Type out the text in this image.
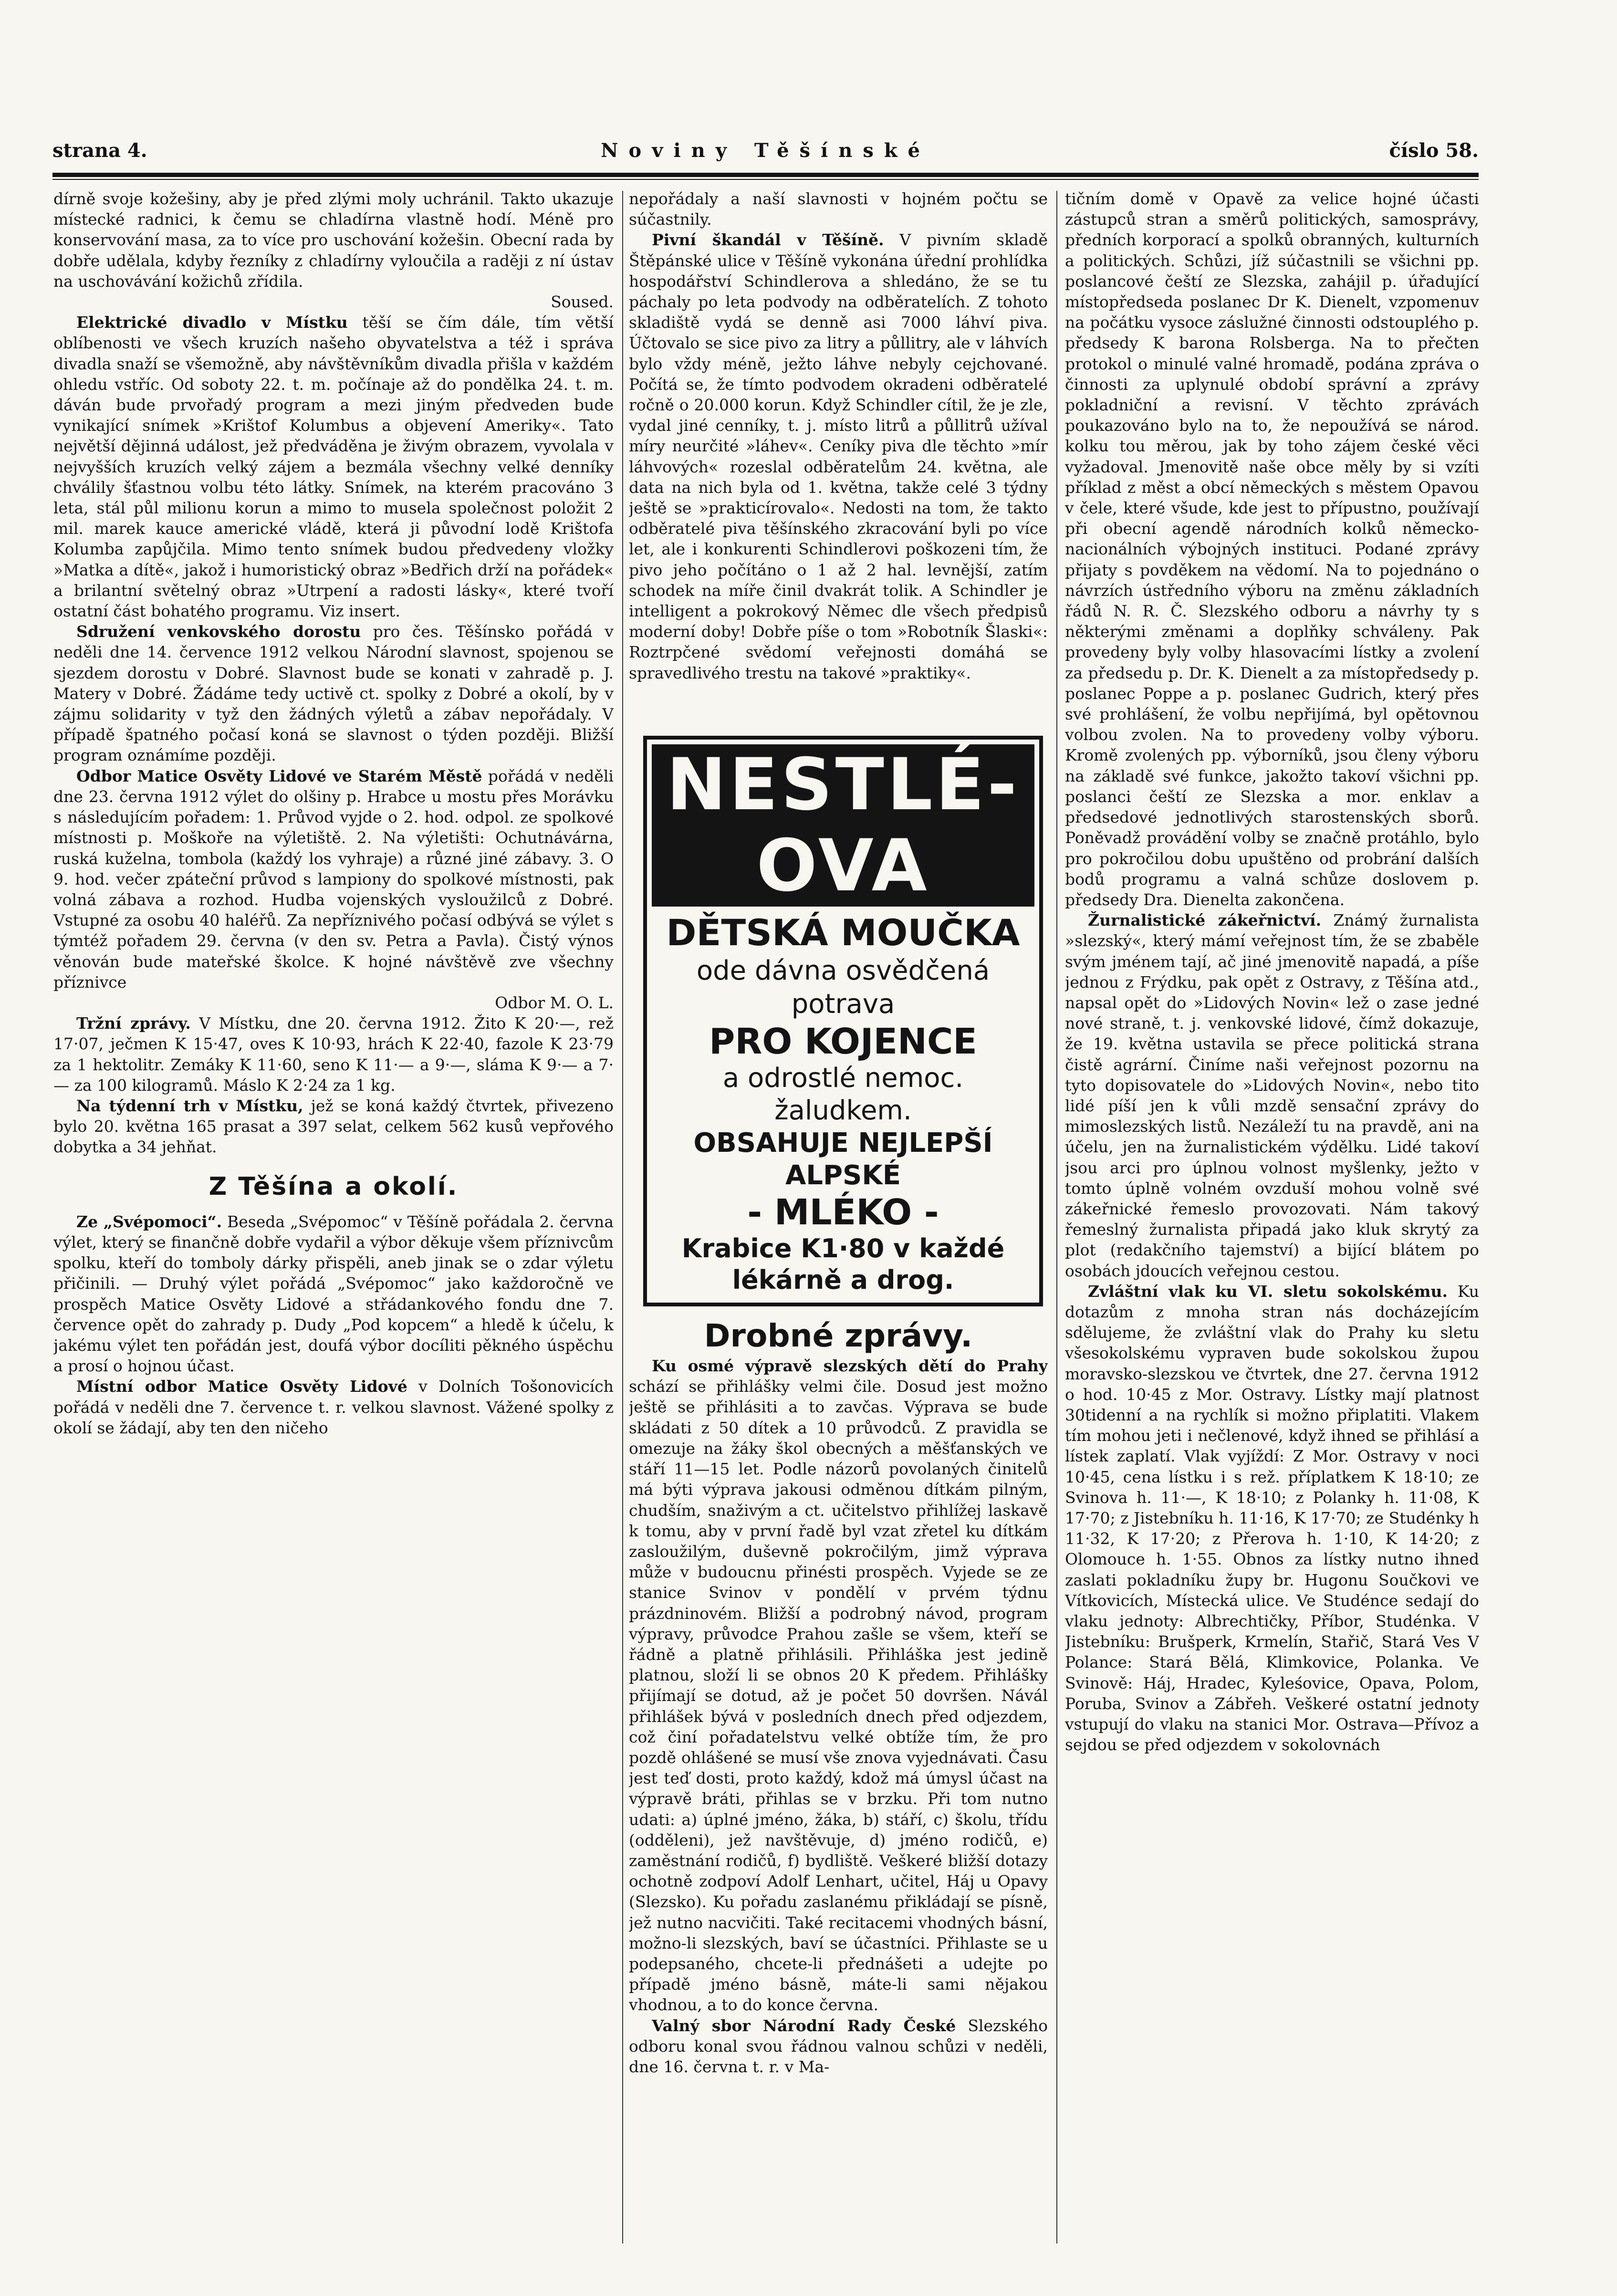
Noviny Těšínské
strana 4.	číslo 58.

dírně svoje kožešiny, aby je před zlými moly uchránil. Takto ukazuje místecké radnici, k čemu se chladírna vlastně hodí. Méně pro konservování masa, za to více pro uschování kožešin. Obecní rada by dobře udělala, kdyby řezníky z chladírny vyloučila a raději z ní ústav na uschovávání kožichů zřídila.

Soused.

Elektrické divadlo v Místku těší se čím dále, tím větší oblíbenosti ve všech kruzích našeho obyvatelstva a též i správa divadla snaží se všemožně, aby návštěvníkům divadla přišla v každém ohledu vstříc. Od soboty 22. t. m. počínaje až do pondělka 24. t. m. dáván bude prvořadý program a mezi jiným předveden bude vynikající snímek »Krištof Kolumbus a objevení Ameriky«. Tato největší dějinná událost, jež předváděna je živým obrazem, vyvolala v nejvyšších kruzích velký zájem a bezmála všechny velké denníky chválily šťastnou volbu této látky. Snímek, na kterém pracováno 3 leta, stál půl milionu korun a mimo to musela společnost položit 2 mil. marek kauce americké vládě, která ji původní lodě Krištofa Kolumba zapůjčila. Mimo tento snímek budou předvedeny vložky »Matka a dítě«, jakož i humoristický obraz »Bedřich drží na pořádek« a brilantní světelný obraz »Utrpení a radosti lásky«, které tvoří ostatní část bohatého programu. Viz insert.

Sdružení venkovského dorostu pro čes. Těšínsko pořádá v neděli dne 14. července 1912 velkou Národní slavnost, spojenou se sjezdem dorostu v Dobré. Slavnost bude se konati v zahradě p. J. Matery v Dobré. Žádáme tedy uctivě ct. spolky z Dobré a okolí, by v zájmu solidarity v tyž den žádných výletů a zábav nepořádaly. V případě špatného počasí koná se slavnost o týden později. Bližší program oznámíme později.

Odbor Matice Osvěty Lidové ve Starém Městě pořádá v neděli dne 23. června 1912 výlet do olšiny p. Hrabce u mostu přes Morávku s následujícím pořadem: 1. Průvod vyjde o 2. hod. odpol. ze spolkové místnosti p. Moškoře na výletiště. 2. Na výletišti: Ochutnávárna, ruská kuželna, tombola (každý los vyhraje) a různé jiné zábavy. 3. O 9. hod. večer zpáteční průvod s lampiony do spolkové místnosti, pak volná zábava a rozhod. Hudba vojenských vysloužilců z Dobré. Vstupné za osobu 40 haléřů. Za nepříznivého počasí odbývá se výlet s týmtéž pořadem 29. června (v den sv. Petra a Pavla). Čistý výnos věnován bude mateřské školce. K hojné návštěvě zve všechny příznivce

Odbor M. O. L.

Tržní zprávy. V Místku, dne 20. června 1912. Žito K 20·—, rež 17·07, ječmen K 15·47, oves K 10·93, hrách K 22·40, fazole K 23·79 za 1 hektolitr. Zemáky K 11·60, seno K 11·— a 9·—, sláma K 9·— a 7·— za 100 kilogramů. Máslo K 2·24 za 1 kg.

Na týdenní trh v Místku, jež se koná každý čtvrtek, přivezeno bylo 20. května 165 prasat a 397 selat, celkem 562 kusů vepřového dobytka a 34 jehňat.

Z Těšína a okolí.

Ze „Svépomoci“. Beseda „Svépomoc“ v Těšíně pořádala 2. června výlet, který se finančně dobře vydařil a výbor děkuje všem příznivcům spolku, kteří do tomboly dárky přispěli, aneb jinak se o zdar výletu přičinili. — Druhý výlet pořádá „Svépomoc“ jako každoročně ve prospěch Matice Osvěty Lidové a střádankového fondu dne 7. července opět do zahrady p. Dudy „Pod kopcem“ a hledě k účelu, k jakému výlet ten pořádán jest, doufá výbor docíliti pěkného úspěchu a prosí o hojnou účast.

Místní odbor Matice Osvěty Lidové v Dolních Tošonovicích pořádá v neděli dne 7. července t. r. velkou slavnost. Vážené spolky z okolí se žádají, aby ten den ničeho

nepořádaly a naší slavnosti v hojném počtu se súčastnily.

Pivní škandál v Těšíně. V pivním skladě Štěpánské ulice v Těšíně vykonána úřední prohlídka hospodářství Schindlerova a shledáno, že se tu páchaly po leta podvody na odběratelích. Z tohoto skladiště vydá se denně asi 7000 láhví piva. Účtovalo se sice pivo za litry a půllitry, ale v láhvích bylo vždy méně, ježto láhve nebyly cejchované. Počítá se, že tímto podvodem okradeni odběratelé ročně o 20.000 korun. Když Schindler cítil, že je zle, vydal jiné cenníky, t. j. místo litrů a půllitrů užíval míry neurčité »láhev«. Ceníky piva dle těchto »mír láhvových« rozeslal odběratelům 24. května, ale data na nich byla od 1. května, takže celé 3 týdny ještě se »prakticírovalo«. Nedosti na tom, že takto odběratelé piva těšínského zkracování byli po více let, ale i konkurenti Schindlerovi poškozeni tím, že pivo jeho počítáno o 1 až 2 hal. levnější, zatím schodek na míře činil dvakrát tolik. A Schindler je intelligent a pokrokový Němec dle všech předpisů moderní doby! Dobře píše o tom »Robotník Šlaski«: Roztrpčené svědomí veřejnosti domáhá se spravedlivého trestu na takové »praktiky«.

NESTLÉ-OVA
DĚTSKÁ MOUČKA
ode dávna osvědčená potrava
PRO KOJENCE
a odrostlé nemoc. žaludkem.
OBSAHUJE NEJLEPŠÍ ALPSKÉ
- MLÉKO -
Krabice K1·80 v každé lékárně a drog.

Drobné zprávy.

Ku osmé výpravě slezských dětí do Prahy schází se přihlášky velmi čile. Dosud jest možno ještě se přihlásiti a to zavčas. Výprava se bude skládati z 50 dítek a 10 průvodců. Z pravidla se omezuje na žáky škol obecných a měšťanských ve stáří 11—15 let. Podle názorů povolaných činitelů má býti výprava jakousi odměnou dítkám pilným, chudším, snaživým a ct. učitelstvo přihlížej laskavě k tomu, aby v první řadě byl vzat zřetel ku dítkám zasloužilým, duševně pokročilým, jimž výprava může v budoucnu přinésti prospěch. Vyjede se ze stanice Svinov v pondělí v prvém týdnu prázdninovém. Bližší a podrobný návod, program výpravy, průvodce Prahou zašle se všem, kteří se řádně a platně přihlásili. Přihláška jest jedině platnou, složí li se obnos 20 K předem. Přihlášky přijímají se dotud, až je počet 50 dovršen. Návál přihlášek bývá v posledních dnech před odjezdem, což činí pořadatelstvu velké obtíže tím, že pro pozdě ohlášené se musí vše znova vyjednávati. Času jest teď dosti, proto každý, kdož má úmysl účast na výpravě bráti, přihlas se v brzku. Při tom nutno udati: a) úplné jméno, žáka, b) stáří, c) školu, třídu (odděleni), jež navštěvuje, d) jméno rodičů, e) zaměstnání rodičů, f) bydliště. Veškeré bližší dotazy ochotně zodpoví Adolf Lenhart, učitel, Háj u Opavy (Slezsko). Ku pořadu zaslanému přikládají se písně, jež nutno nacvičiti. Také recitacemi vhodných básní, možno-li slezských, baví se účastníci. Přihlaste se u podepsaného, chcete-li přednášeti a udejte po případě jméno básně, máte-li sami nějakou vhodnou, a to do konce června.

Valný sbor Národní Rady České Slezského odboru konal svou řádnou valnou schůzi v neděli, dne 16. června t. r. v Ma-

tičním domě v Opavě za velice hojné účasti zástupců stran a směrů politických, samosprávy, předních korporací a spolků obranných, kulturních a politických. Schůzi, jíž súčastnili se všichni pp. poslancové čeští ze Slezska, zahájil p. úřadující místopředseda poslanec Dr K. Dienelt, vzpomenuv na počátku vysoce záslužné činnosti odstouplého p. předsedy K barona Rolsberga. Na to přečten protokol o minulé valné hromadě, podána zpráva o činnosti za uplynulé období správní a zprávy pokladniční a revisní. V těchto zprávách poukazováno bylo na to, že nepoužívá se národ. kolku tou měrou, jak by toho zájem české věci vyžadoval. Jmenovitě naše obce měly by si vzíti příklad z měst a obcí německých s městem Opavou v čele, které všude, kde jest to přípustno, používají při obecní agendě národních kolků německo-nacionálních výbojných instituci. Podané zprávy přijaty s povděkem na vědomí. Na to pojednáno o návrzích ústředního výboru na změnu základních řádů N. R. Č. Slezského odboru a návrhy ty s některými změnami a doplňky schváleny. Pak provedeny byly volby hlasovacími lístky a zvolení za předsedu p. Dr. K. Dienelt a za místopředsedy p. poslanec Poppe a p. poslanec Gudrich, který přes své prohlášení, že volbu nepřijímá, byl opětovnou volbou zvolen. Na to provedeny volby výboru. Kromě zvolených pp. výborníků, jsou členy výboru na základě své funkce, jakožto takoví všichni pp. poslanci čeští ze Slezska a mor. enklav a předsedové jednotlivých starostenských sborů. Poněvadž provádění volby se značně protáhlo, bylo pro pokročilou dobu upuštěno od probrání dalších bodů programu a valná schůze doslovem p. předsedy Dra. Dienelta zakončena.

Žurnalistické zákeřnictví. Známý žurnalista »slezský«, který mámí veřejnost tím, že se zbaběle svým jménem tají, ač jiné jmenovitě napadá, a píše jednou z Frýdku, pak opět z Ostravy, z Těšína atd., napsal opět do »Lidových Novin« lež o zase jedné nové straně, t. j. venkovské lidové, čímž dokazuje, že 19. května ustavila se přece politická strana čistě agrární. Činíme naši veřejnost pozornu na tyto dopisovatele do »Lidových Novin«, nebo tito lidé píší jen k vůli mzdě sensační zprávy do mimoslezských listů. Nezáleží tu na pravdě, ani na účelu, jen na žurnalistickém výdělku. Lidé takoví jsou arci pro úplnou volnost myšlenky, ježto v tomto úplně volném ovzduší mohou volně své zákeřnické řemeslo provozovati. Nám takový řemeslný žurnalista připadá jako kluk skrytý za plot (redakčního tajemství) a bijící blátem po osobách jdoucích veřejnou cestou.

Zvláštní vlak ku VI. sletu sokolskému. Ku dotazům z mnoha stran nás docházejícím sdělujeme, že zvláštní vlak do Prahy ku sletu všesokolskému vypraven bude sokolskou župou moravsko-slezskou ve čtvrtek, dne 27. června 1912 o hod. 10·45 z Mor. Ostravy. Lístky mají platnost 30tidenní a na rychlík si možno připlatiti. Vlakem tím mohou jeti i nečlenové, když ihned se přihlásí a lístek zaplatí. Vlak vyjíždí: Z Mor. Ostravy v noci 10·45, cena lístku i s rež. příplatkem K 18·10; ze Svinova h. 11·—, K 18·10; z Polanky h. 11·08, K 17·70; z Jistebníku h. 11·16, K 17·70; ze Studénky h 11·32, K 17·20; z Přerova h. 1·10, K 14·20; z Olomouce h. 1·55. Obnos za lístky nutno ihned zaslati pokladníku župy br. Hugonu Součkovi ve Vítkovicích, Místecká ulice. Ve Studénce sedají do vlaku jednoty: Albrechtičky, Příbor, Studénka. V Jistebníku: Brušperk, Krmelín, Stařič, Stará Ves V Polance: Stará Bělá, Klimkovice, Polanka. Ve Svinově: Háj, Hradec, Kyleśovice, Opava, Polom, Poruba, Svinov a Zábřeh. Veškeré ostatní jednoty vstupují do vlaku na stanici Mor. Ostrava—Přívoz a sejdou se před odjezdem v sokolovnách
